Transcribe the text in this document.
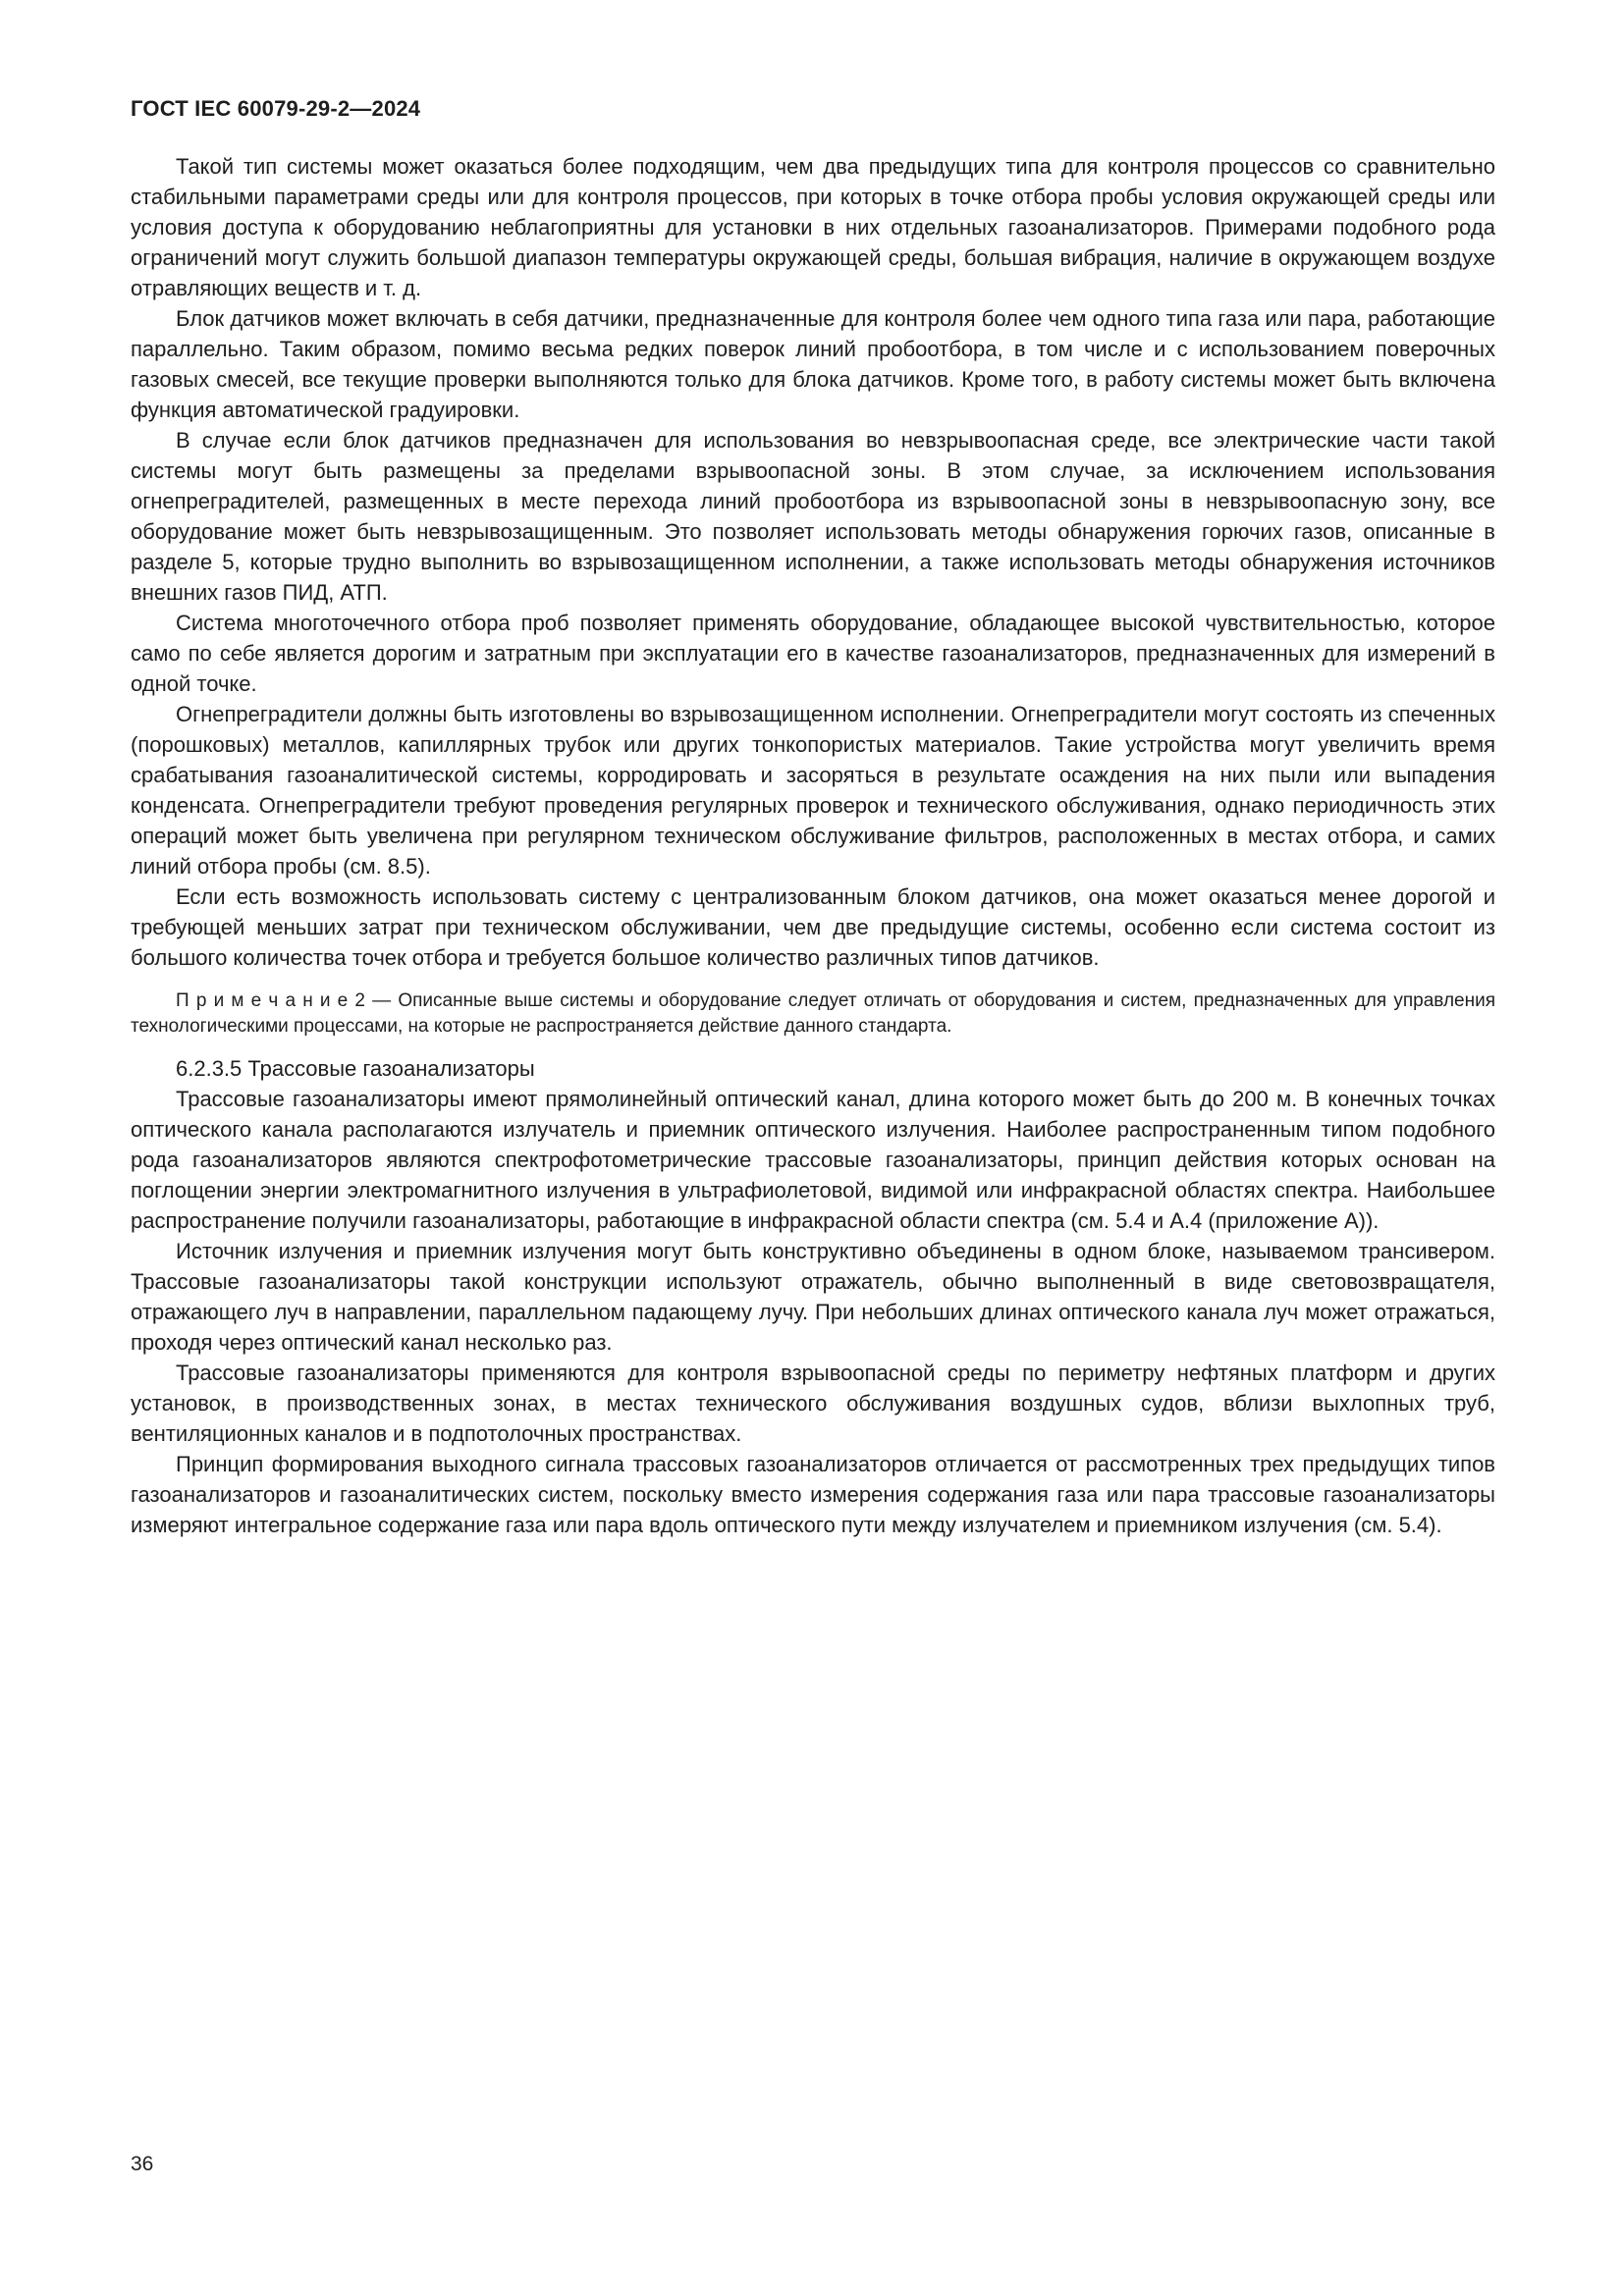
ГОСТ IEC 60079-29-2—2024

Такой тип системы может оказаться более подходящим, чем два предыдущих типа для контроля процессов со сравнительно стабильными параметрами среды или для контроля процессов, при которых в точке отбора пробы условия окружающей среды или условия доступа к оборудованию неблагоприятны для установки в них отдельных газоанализаторов. Примерами подобного рода ограничений могут служить большой диапазон температуры окружающей среды, большая вибрация, наличие в окружающем воздухе отравляющих веществ и т. д.

Блок датчиков может включать в себя датчики, предназначенные для контроля более чем одного типа газа или пара, работающие параллельно. Таким образом, помимо весьма редких поверок линий пробоотбора, в том числе и с использованием поверочных газовых смесей, все текущие проверки выполняются только для блока датчиков. Кроме того, в работу системы может быть включена функция автоматической градуировки.

В случае если блок датчиков предназначен для использования во невзрывоопасная среде, все электрические части такой системы могут быть размещены за пределами взрывоопасной зоны. В этом случае, за исключением использования огнепреградителей, размещенных в месте перехода линий пробоотбора из взрывоопасной зоны в невзрывоопасную зону, все оборудование может быть невзрывозащищенным. Это позволяет использовать методы обнаружения горючих газов, описанные в разделе 5, которые трудно выполнить во взрывозащищенном исполнении, а также использовать методы обнаружения источников внешних газов ПИД, АТП.

Система многоточечного отбора проб позволяет применять оборудование, обладающее высокой чувствительностью, которое само по себе является дорогим и затратным при эксплуатации его в качестве газоанализаторов, предназначенных для измерений в одной точке.

Огнепреградители должны быть изготовлены во взрывозащищенном исполнении. Огнепреградители могут состоять из спеченных (порошковых) металлов, капиллярных трубок или других тонкопористых материалов. Такие устройства могут увеличить время срабатывания газоаналитической системы, корродировать и засоряться в результате осаждения на них пыли или выпадения конденсата. Огнепреградители требуют проведения регулярных проверок и технического обслуживания, однако периодичность этих операций может быть увеличена при регулярном техническом обслуживание фильтров, расположенных в местах отбора, и самих линий отбора пробы (см. 8.5).

Если есть возможность использовать систему с централизованным блоком датчиков, она может оказаться менее дорогой и требующей меньших затрат при техническом обслуживании, чем две предыдущие системы, особенно если система состоит из большого количества точек отбора и требуется большое количество различных типов датчиков.

П р и м е ч а н и е 2 — Описанные выше системы и оборудование следует отличать от оборудования и систем, предназначенных для управления технологическими процессами, на которые не распространяется действие данного стандарта.

6.2.3.5 Трассовые газоанализаторы

Трассовые газоанализаторы имеют прямолинейный оптический канал, длина которого может быть до 200 м. В конечных точках оптического канала располагаются излучатель и приемник оптического излучения. Наиболее распространенным типом подобного рода газоанализаторов являются спектрофотометрические трассовые газоанализаторы, принцип действия которых основан на поглощении энергии электромагнитного излучения в ультрафиолетовой, видимой или инфракрасной областях спектра. Наибольшее распространение получили газоанализаторы, работающие в инфракрасной области спектра (см. 5.4 и А.4 (приложение А)).

Источник излучения и приемник излучения могут быть конструктивно объединены в одном блоке, называемом трансивером. Трассовые газоанализаторы такой конструкции используют отражатель, обычно выполненный в виде световозвращателя, отражающего луч в направлении, параллельном падающему лучу. При небольших длинах оптического канала луч может отражаться, проходя через оптический канал несколько раз.

Трассовые газоанализаторы применяются для контроля взрывоопасной среды по периметру нефтяных платформ и других установок, в производственных зонах, в местах технического обслуживания воздушных судов, вблизи выхлопных труб, вентиляционных каналов и в подпотолочных пространствах.

Принцип формирования выходного сигнала трассовых газоанализаторов отличается от рассмотренных трех предыдущих типов газоанализаторов и газоаналитических систем, поскольку вместо измерения содержания газа или пара трассовые газоанализаторы измеряют интегральное содержание газа или пара вдоль оптического пути между излучателем и приемником излучения (см. 5.4).

36
